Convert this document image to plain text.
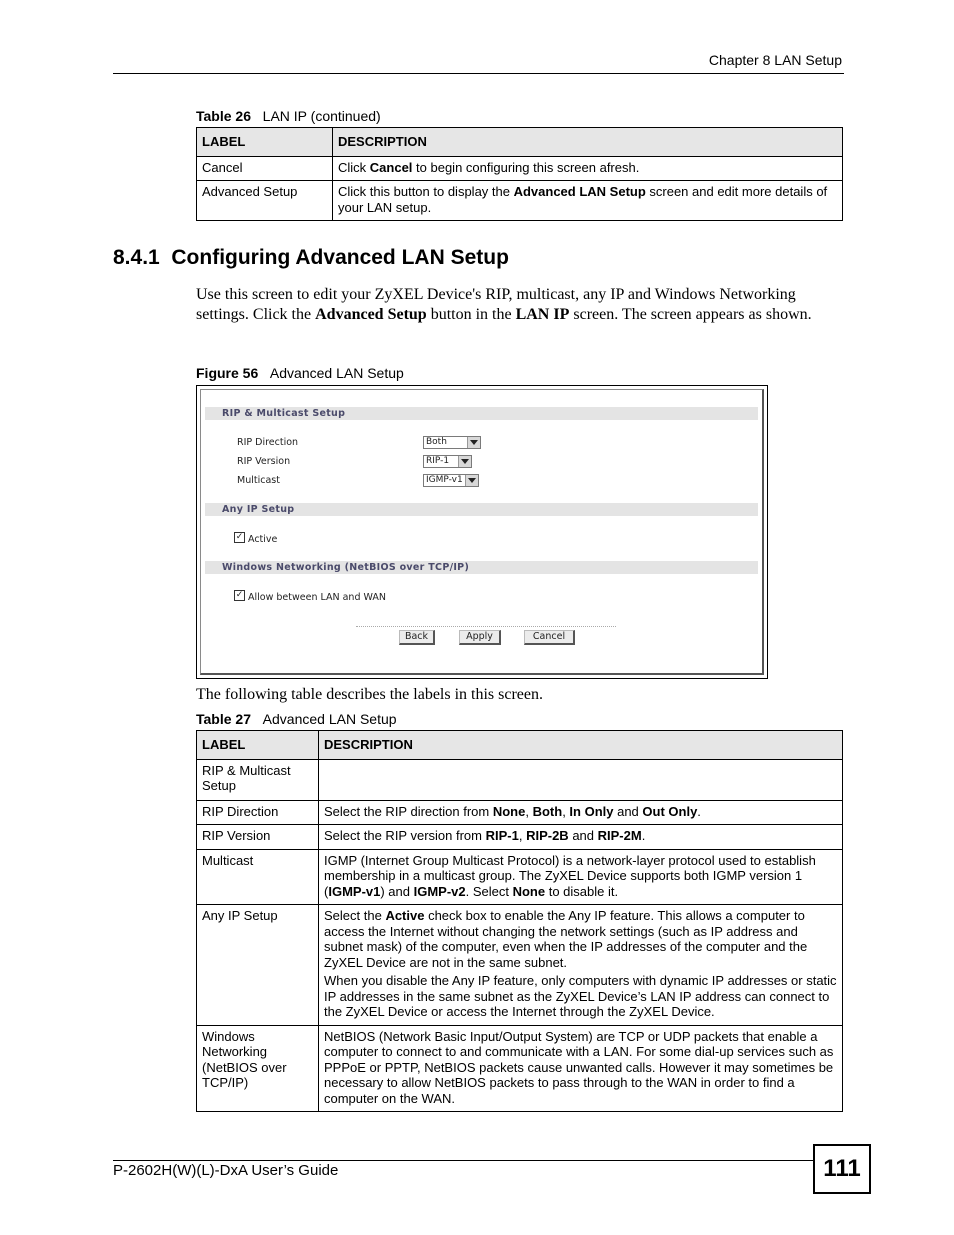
Chapter 8 LAN Setup
Table 26 LAN IP (continued)
LABEL	DESCRIPTION
Cancel	Click Cancel to begin configuring this screen afresh.
Advanced Setup	Click this button to display the Advanced LAN Setup screen and edit more details of your LAN setup.
8.4.1  Configuring Advanced LAN Setup
Use this screen to edit your ZyXEL Device's RIP, multicast, any IP and Windows Networking settings. Click the Advanced Setup button in the LAN IP screen. The screen appears as shown.
Figure 56 Advanced LAN Setup
RIP & Multicast Setup
RIP Direction	Both
RIP Version	RIP-1
Multicast	IGMP-v1
Any IP Setup
✓ Active
Windows Networking (NetBIOS over TCP/IP)
✓ Allow between LAN and WAN
Back	Apply	Cancel
The following table describes the labels in this screen.
Table 27 Advanced LAN Setup
LABEL	DESCRIPTION
RIP & Multicast Setup	
RIP Direction	Select the RIP direction from None, Both, In Only and Out Only.

RIP Version	Select the RIP version from RIP-1, RIP-2B and RIP-2M.

Multicast	IGMP (Internet Group Multicast Protocol) is a network-layer protocol used to establish membership in a multicast group. The ZyXEL Device supports both IGMP version 1 (IGMP-v1) and IGMP-v2. Select None to disable it.

Any IP Setup	Select the Active check box to enable the Any IP feature. This allows a computer to access the Internet without changing the network settings (such as IP address and subnet mask) of the computer, even when the IP addresses of the computer and the ZyXEL Device are not in the same subnet.
When you disable the Any IP feature, only computers with dynamic IP addresses or static IP addresses in the same subnet as the ZyXEL Device’s LAN IP address can connect to the ZyXEL Device or access the Internet through the ZyXEL Device.

Windows Networking (NetBIOS over TCP/IP)	NetBIOS (Network Basic Input/Output System) are TCP or UDP packets that enable a computer to connect to and communicate with a LAN. For some dial-up services such as PPPoE or PPTP, NetBIOS packets cause unwanted calls. However it may sometimes be necessary to allow NetBIOS packets to pass through to the WAN in order to find a computer on the WAN.
P-2602H(W)(L)-DxA User’s Guide	111
